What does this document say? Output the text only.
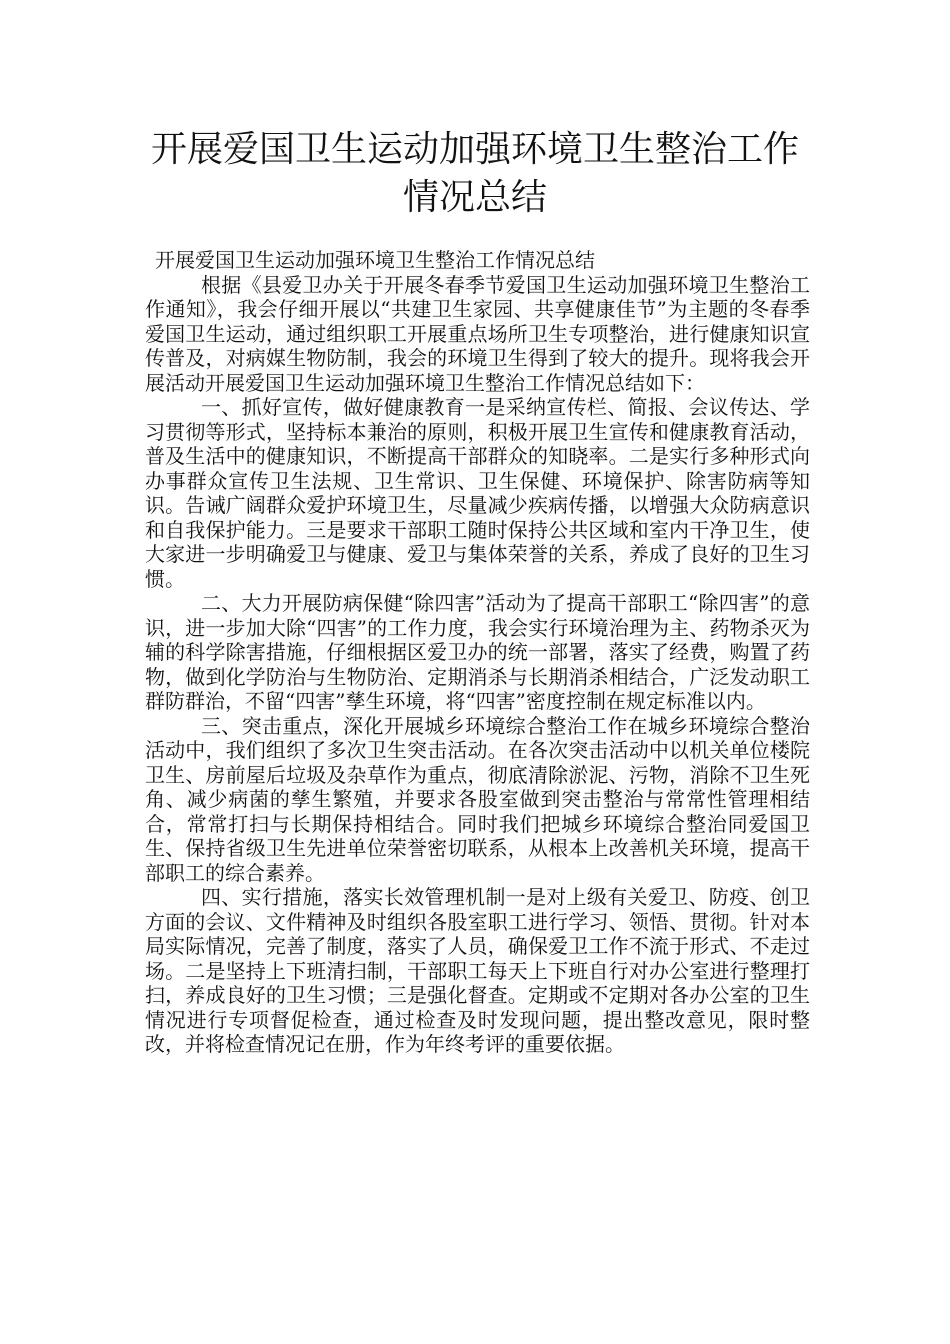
开展爱国卫生运动加强环境卫生整治工作
情况总结

开展爱国卫生运动加强环境卫生整治工作情况总结

根据《县爱卫办关于开展冬春季节爱国卫生运动加强环境卫生整治工作通知》，我会仔细开展以“共建卫生家园、共享健康佳节”为主题的冬春季爱国卫生运动，通过组织职工开展重点场所卫生专项整治，进行健康知识宣传普及，对病媒生物防制，我会的环境卫生得到了较大的提升。现将我会开展活动开展爱国卫生运动加强环境卫生整治工作情况总结如下：

一、抓好宣传，做好健康教育一是采纳宣传栏、简报、会议传达、学习贯彻等形式，坚持标本兼治的原则，积极开展卫生宣传和健康教育活动，普及生活中的健康知识，不断提高干部群众的知晓率。二是实行多种形式向办事群众宣传卫生法规、卫生常识、卫生保健、环境保护、除害防病等知识。告诫广阔群众爱护环境卫生，尽量减少疾病传播，以增强大众防病意识和自我保护能力。三是要求干部职工随时保持公共区域和室内干净卫生，使大家进一步明确爱卫与健康、爱卫与集体荣誉的关系，养成了良好的卫生习惯。

二、大力开展防病保健“除四害”活动为了提高干部职工“除四害”的意识，进一步加大除“四害”的工作力度，我会实行环境治理为主、药物杀灭为辅的科学除害措施，仔细根据区爱卫办的统一部署，落实了经费，购置了药物，做到化学防治与生物防治、定期消杀与长期消杀相结合，广泛发动职工群防群治，不留“四害”孳生环境，将“四害”密度控制在规定标准以内。

三、突击重点，深化开展城乡环境综合整治工作在城乡环境综合整治活动中，我们组织了多次卫生突击活动。在各次突击活动中以机关单位楼院卫生、房前屋后垃圾及杂草作为重点，彻底清除淤泥、污物，消除不卫生死角、减少病菌的孳生繁殖，并要求各股室做到突击整治与常常性管理相结合，常常打扫与长期保持相结合。同时我们把城乡环境综合整治同爱国卫生、保持省级卫生先进单位荣誉密切联系，从根本上改善机关环境，提高干部职工的综合素养。

四、实行措施，落实长效管理机制一是对上级有关爱卫、防疫、创卫方面的会议、文件精神及时组织各股室职工进行学习、领悟、贯彻。针对本局实际情况，完善了制度，落实了人员，确保爱卫工作不流于形式、不走过场。二是坚持上下班清扫制，干部职工每天上下班自行对办公室进行整理打扫，养成良好的卫生习惯；三是强化督查。定期或不定期对各办公室的卫生情况进行专项督促检查，通过检查及时发现问题，提出整改意见，限时整改，并将检查情况记在册，作为年终考评的重要依据。
